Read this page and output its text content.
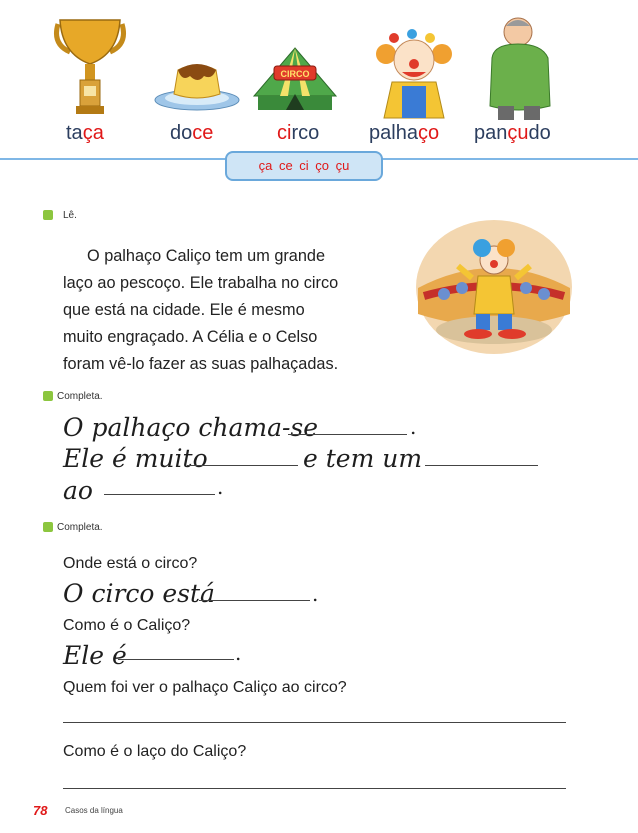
CIRCO
taça	doce	circo palhaço pançudo
ça ce ci ço çu
Lê.
O palhaço Caliço tem um grande
laço ao pescoço. Ele trabalha no circo
que está na cidade. Ele é mesmo
muito engraçado. A Célia e o Celso
foram vê-lo fazer as suas palhaçadas.
Completa.
O palhaço chama-se	.
Ele é muito	e tem um
ao	.
Completa.
Onde está o circo?
O circo está	.
Como é o Caliço?
Ele é	.
Quem foi ver o palhaço Caliço ao circo?
Como é o laço do Caliço?
78 Casos da língua
